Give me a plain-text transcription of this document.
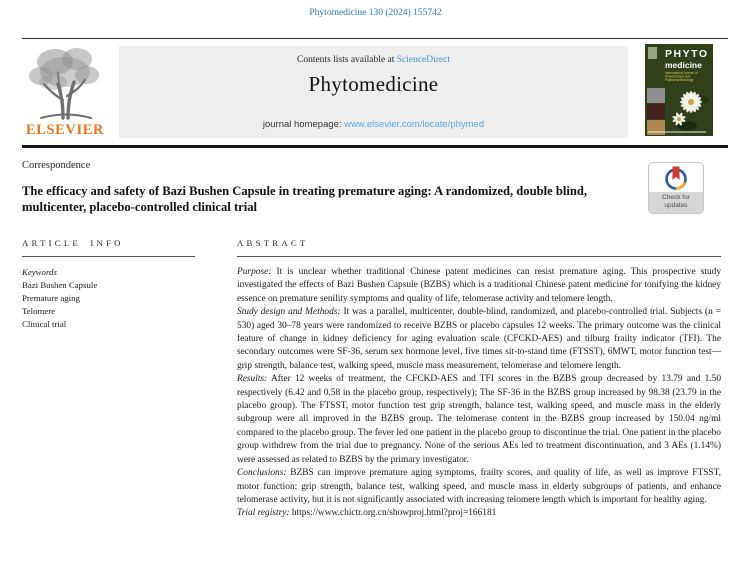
Phytomedicine 130 (2024) 155742
ELSEVIER
Contents lists available at ScienceDirect
Phytomedicine
journal homepage: www.elsevier.com/locate/phymed
PHYTO
medicine
International Journal of Phytotherapy and Phytopharmacology
Correspondence
Check for
updates
The efficacy and safety of Bazi Bushen Capsule in treating premature aging: A randomized, double blind, multicenter, placebo-controlled clinical trial
ARTICLE INFO
Keywords
Bazi Bushen Capsule
Premature aging
Telomere
Clinical trial
ABSTRACT

Purpose: It is unclear whether traditional Chinese patent medicines can resist premature aging. This prospective study investigated the effects of Bazi Bushen Capsule (BZBS) which is a traditional Chinese patent medicine for tonifying the kidney essence on premature senility symptoms and quality of life, telomerase activity and telomere length.

Study design and Methods: It was a parallel, multicenter, double-blind, randomized, and placebo-controlled trial. Subjects (n = 530) aged 30–78 years were randomized to receive BZBS or placebo capsules 12 weeks. The primary outcome was the clinical feature of change in kidney deficiency for aging evaluation scale (CFCKD-AES) and tilburg frailty indicator (TFI). The secondary outcomes were SF-36, serum sex hormone level, five times sit-to-stand time (FTSST), 6MWT, motor function test—grip strength, balance test, walking speed, muscle mass measurement, telomerase and telomere length.

Results: After 12 weeks of treatment, the CFCKD-AES and TFI scores in the BZBS group decreased by 13.79 and 1.50 respectively (6.42 and 0.58 in the placebo group, respectively); The SF-36 in the BZBS group increased by 98.38 (23.79 in the placebo group). The FTSST, motor function test grip strength, balance test, walking speed, and muscle mass in the elderly subgroup were all improved in the BZBS group. The telomerase content in the BZBS group increased by 150.04 ng/ml compared to the placebo group. The fever led one patient in the placebo group to discontinue the trial. One patient in the placebo group withdrew from the trial due to pregnancy. None of the serious AEs led to treatment discontinuation, and 3 AEs (1.14%) were assessed as related to BZBS by the primary investigator.

Conclusions: BZBS can improve premature aging symptoms, frailty scores, and quality of life, as well as improve FTSST, motor function: grip strength, balance test, walking speed, and muscle mass in elderly subgroups of patients, and enhance telomerase activity, but it is not significantly associated with increasing telomere length which is important for healthy aging.

Trial registry: https://www.chictr.org.cn/showproj.html?proj=166181
